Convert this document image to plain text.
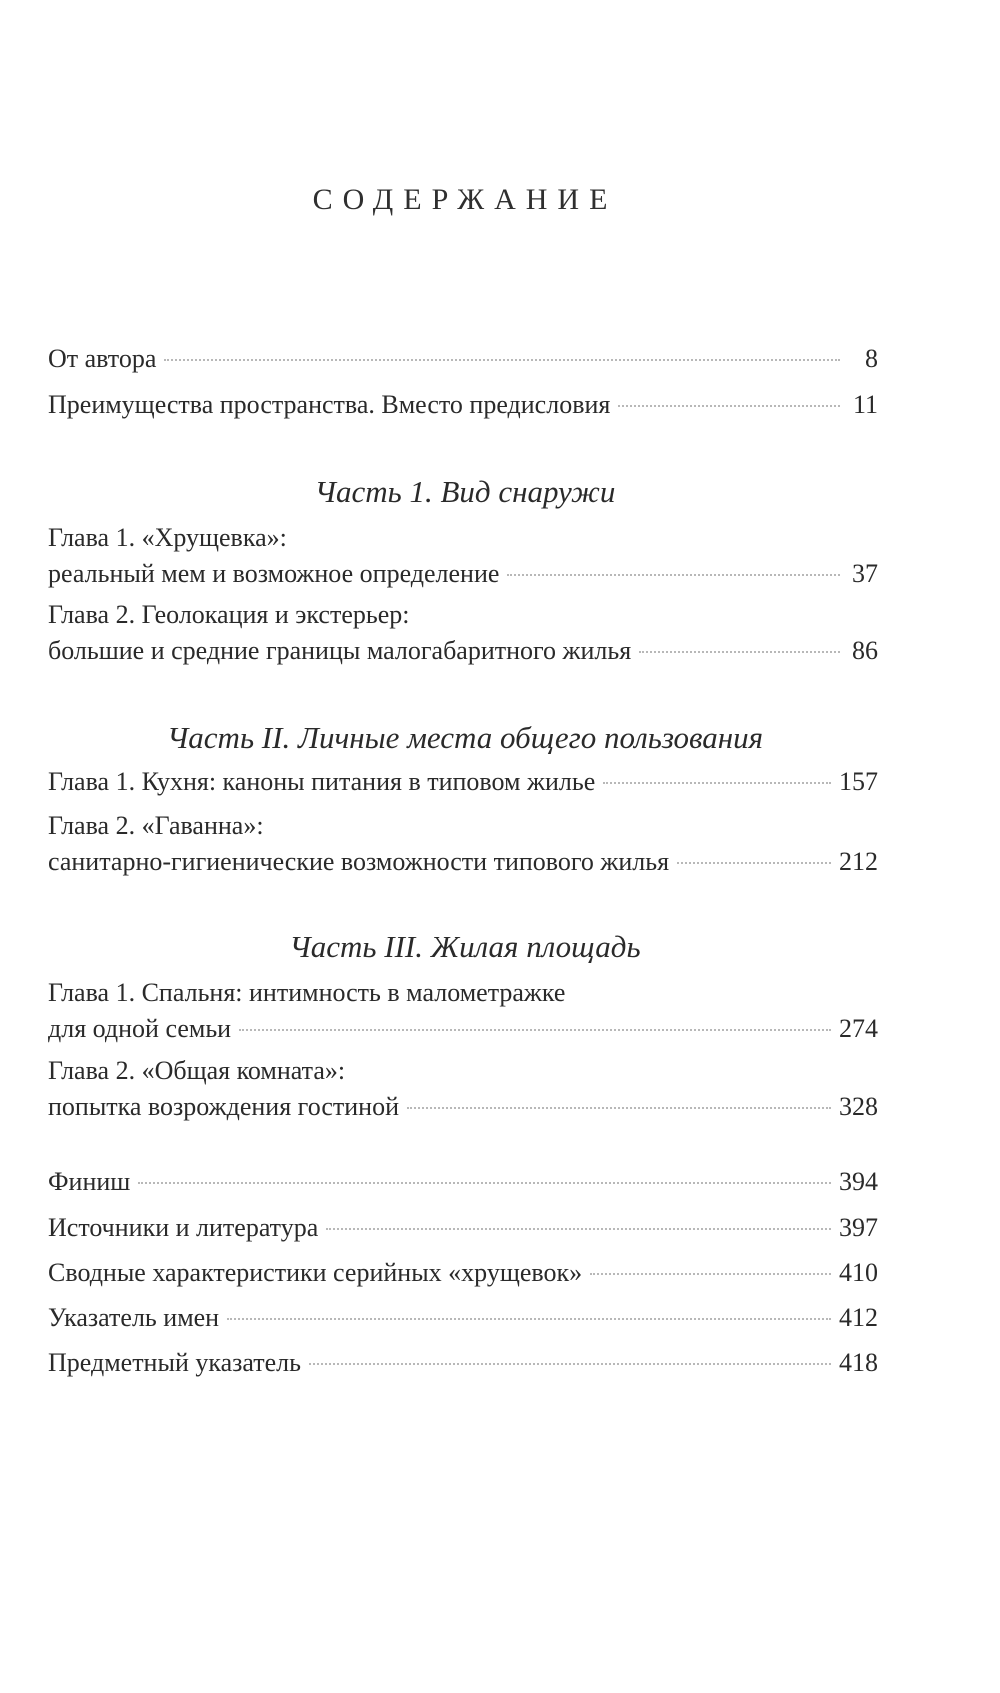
СОДЕРЖАНИЕ
От автора	8
Преимущества пространства. Вместо предисловия	11
Часть 1. Вид снаружи
Глава 1. «Хрущевка»:
реальный мем и возможное определение	37
Глава 2. Геолокация и экстерьер:
большие и средние границы малогабаритного жилья	86
Часть II. Личные места общего пользования
Глава 1. Кухня: каноны питания в типовом жилье	157
Глава 2. «Гаванна»:
санитарно-гигиенические возможности типового жилья	212
Часть III. Жилая площадь
Глава 1. Спальня: интимность в малометражке
для одной семьи	274
Глава 2. «Общая комната»:
попытка возрождения гостиной	328
Финиш	394
Источники и литература	397
Сводные характеристики серийных «хрущевок»	410
Указатель имен	412
Предметный указатель	418
